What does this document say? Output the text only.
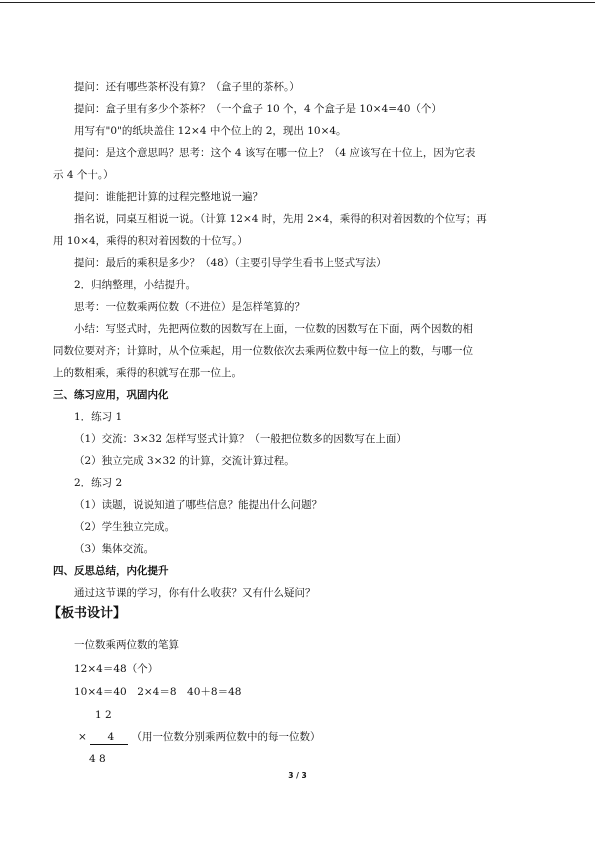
提问：还有哪些茶杯没有算？（盒子里的茶杯。）
提问：盒子里有多少个茶杯？（一个盒子 10 个，4 个盒子是 10×4=40（个）
用写有"0"的纸块盖住 12×4 中个位上的 2，现出 10×4。
提问：是这个意思吗？思考：这个 4 该写在哪一位上？（4 应该写在十位上，因为它表
示 4 个十。）
提问：谁能把计算的过程完整地说一遍？
指名说，同桌互相说一说。（计算 12×4 时，先用 2×4，乘得的积对着因数的个位写；再
用 10×4，乘得的积对着因数的十位写。）
提问：最后的乘积是多少？（48）（主要引导学生看书上竖式写法）
2．归纳整理，小结提升。
思考：一位数乘两位数（不进位）是怎样笔算的？
小结：写竖式时，先把两位数的因数写在上面，一位数的因数写在下面，两个因数的相
同数位要对齐；计算时，从个位乘起，用一位数依次去乘两位数中每一位上的数，与哪一位
上的数相乘，乘得的积就写在那一位上。
三、练习应用，巩固内化
1．练习 1
（1）交流：3×32 怎样写竖式计算？（一般把位数多的因数写在上面）
（2）独立完成 3×32 的计算，交流计算过程。
2．练习 2
（1）读题，说说知道了哪些信息？能提出什么问题？
（2）学生独立完成。
（3）集体交流。
四、反思总结，内化提升
通过这节课的学习，你有什么收获？又有什么疑问？
【板书设计】
一位数乘两位数的笔算
12×4＝48（个）
10×4＝40　2×4＝8　40＋8＝48
1 2
× 4 （用一位数分别乘两位数中的每一位数）
4 8
3 / 3
